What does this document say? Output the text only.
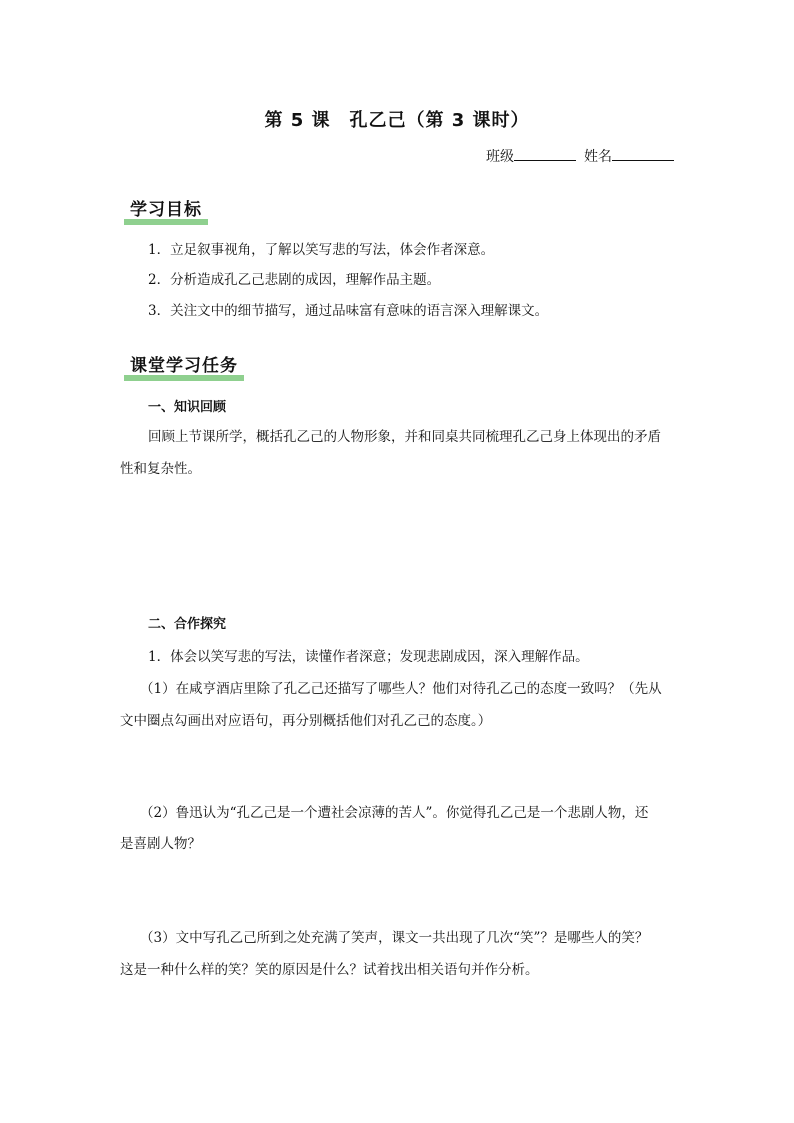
第 5 课　孔乙己（第 3 课时）
班级	姓名
学习目标
1．立足叙事视角，了解以笑写悲的写法，体会作者深意。
2．分析造成孔乙己悲剧的成因，理解作品主题。
3．关注文中的细节描写，通过品味富有意味的语言深入理解课文。
课堂学习任务
一、知识回顾
回顾上节课所学，概括孔乙己的人物形象，并和同桌共同梳理孔乙己身上体现出的矛盾
性和复杂性。
二、合作探究
1．体会以笑写悲的写法，读懂作者深意；发现悲剧成因，深入理解作品。
（1）在咸亨酒店里除了孔乙己还描写了哪些人？他们对待孔乙己的态度一致吗？（先从
文中圈点勾画出对应语句，再分别概括他们对孔乙己的态度。）
（2）鲁迅认为“孔乙己是一个遭社会凉薄的苦人”。你觉得孔乙己是一个悲剧人物，还
是喜剧人物？
（3）文中写孔乙己所到之处充满了笑声，课文一共出现了几次“笑”？是哪些人的笑？
这是一种什么样的笑？笑的原因是什么？试着找出相关语句并作分析。
